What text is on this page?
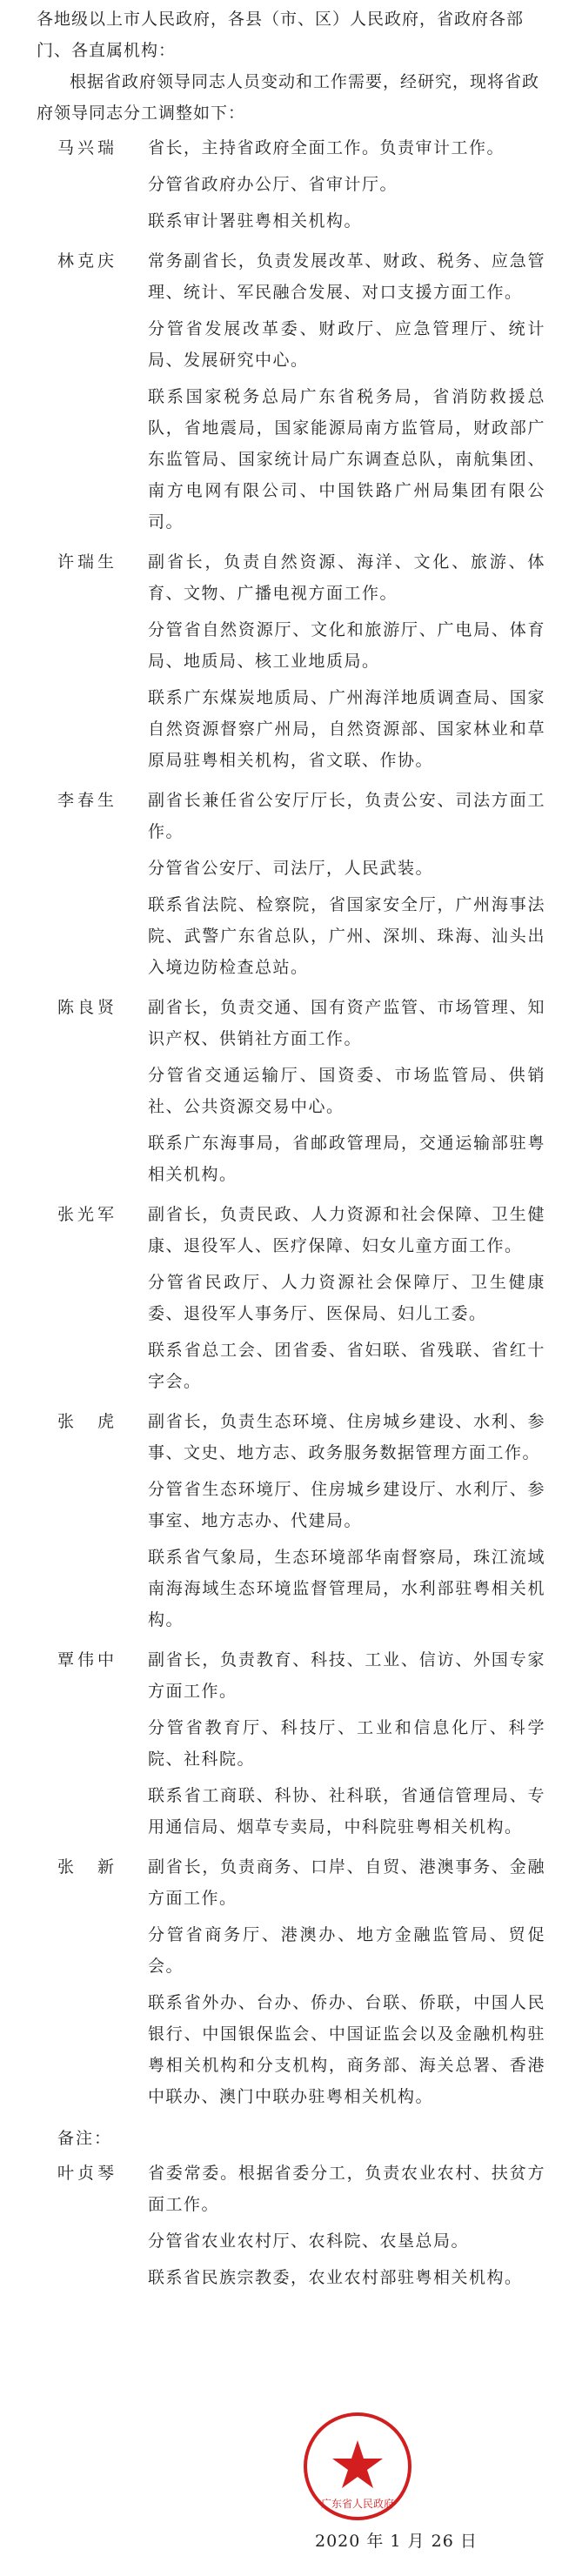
各地级以上市人民政府，各县（市、区）人民政府，省政府各部门、各直属机构：
根据省政府领导同志人员变动和工作需要，经研究，现将省政府领导同志分工调整如下：
马兴瑞 省长，主持省政府全面工作。负责审计工作。
分管省政府办公厅、省审计厅。
联系审计署驻粤相关机构。
林克庆 常务副省长，负责发展改革、财政、税务、应急管理、统计、军民融合发展、对口支援方面工作。
分管省发展改革委、财政厅、应急管理厅、统计局、发展研究中心。
联系国家税务总局广东省税务局，省消防救援总队，省地震局，国家能源局南方监管局，财政部广东监管局、国家统计局广东调查总队，南航集团、南方电网有限公司、中国铁路广州局集团有限公司。
许瑞生 副省长，负责自然资源、海洋、文化、旅游、体育、文物、广播电视方面工作。
分管省自然资源厅、文化和旅游厅、广电局、体育局、地质局、核工业地质局。
联系广东煤炭地质局、广州海洋地质调查局、国家自然资源督察广州局，自然资源部、国家林业和草原局驻粤相关机构，省文联、作协。
李春生 副省长兼任省公安厅厅长，负责公安、司法方面工作。
分管省公安厅、司法厅，人民武装。
联系省法院、检察院，省国家安全厅，广州海事法院、武警广东省总队，广州、深圳、珠海、汕头出入境边防检查总站。
陈良贤 副省长，负责交通、国有资产监管、市场管理、知识产权、供销社方面工作。
分管省交通运输厅、国资委、市场监管局、供销社、公共资源交易中心。
联系广东海事局，省邮政管理局，交通运输部驻粤相关机构。
张光军 副省长，负责民政、人力资源和社会保障、卫生健康、退役军人、医疗保障、妇女儿童方面工作。
分管省民政厅、人力资源社会保障厅、卫生健康委、退役军人事务厅、医保局、妇儿工委。
联系省总工会、团省委、省妇联、省残联、省红十字会。
张　虎 副省长，负责生态环境、住房城乡建设、水利、参事、文史、地方志、政务服务数据管理方面工作。
分管省生态环境厅、住房城乡建设厅、水利厅、参事室、地方志办、代建局。
联系省气象局，生态环境部华南督察局，珠江流域南海海域生态环境监督管理局，水利部驻粤相关机构。
覃伟中 副省长，负责教育、科技、工业、信访、外国专家方面工作。
分管省教育厅、科技厅、工业和信息化厅、科学院、社科院。
联系省工商联、科协、社科联，省通信管理局、专用通信局、烟草专卖局，中科院驻粤相关机构。
张　新 副省长，负责商务、口岸、自贸、港澳事务、金融方面工作。
分管省商务厅、港澳办、地方金融监管局、贸促会。
联系省外办、台办、侨办、台联、侨联，中国人民银行、中国银保监会、中国证监会以及金融机构驻粤相关机构和分支机构，商务部、海关总署、香港中联办、澳门中联办驻粤相关机构。
备注：
叶贞琴 省委常委。根据省委分工，负责农业农村、扶贫方面工作。
分管省农业农村厅、农科院、农垦总局。
联系省民族宗教委，农业农村部驻粤相关机构。
广东省人民政府
2020 年 1 月 26 日
